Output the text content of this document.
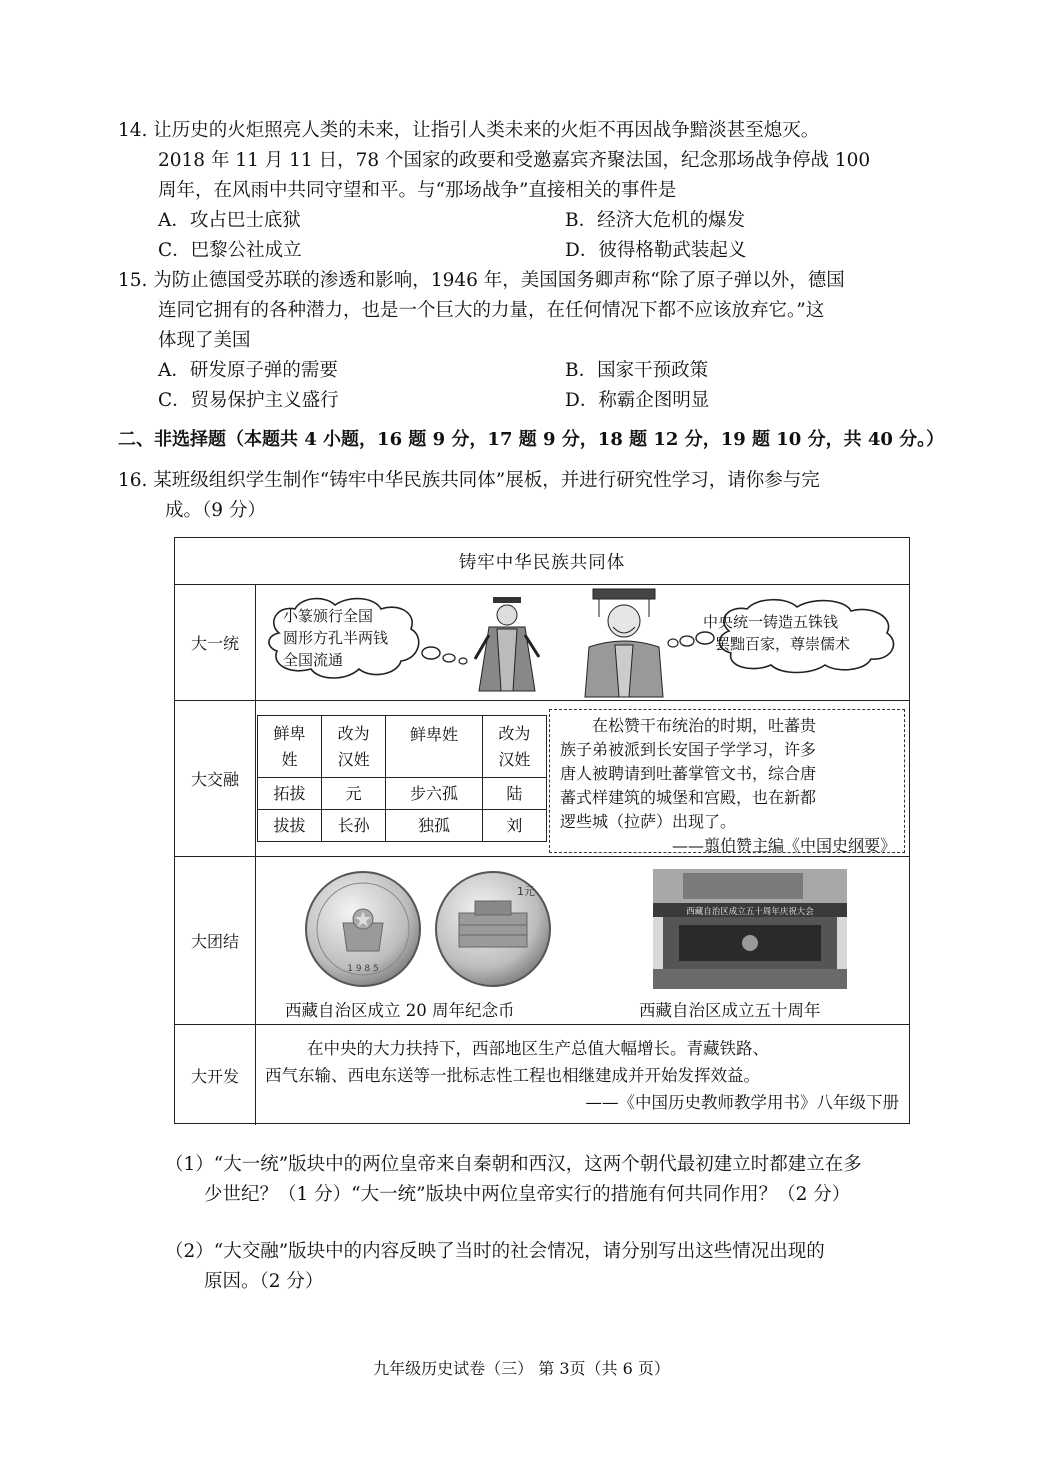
14. 让历史的火炬照亮人类的未来，让指引人类未来的火炬不再因战争黯淡甚至熄灭。
2018 年 11 月 11 日，78 个国家的政要和受邀嘉宾齐聚法国，纪念那场战争停战 100
周年，在风雨中共同守望和平。与“那场战争”直接相关的事件是
A．攻占巴士底狱	B．经济大危机的爆发
C．巴黎公社成立	D．彼得格勒武装起义
15. 为防止德国受苏联的渗透和影响，1946 年，美国国务卿声称“除了原子弹以外，德国
连同它拥有的各种潜力，也是一个巨大的力量，在任何情况下都不应该放弃它。”这
体现了美国
A．研发原子弹的需要	B．国家干预政策
C．贸易保护主义盛行	D．称霸企图明显
二、非选择题（本题共 4 小题，16 题 9 分，17 题 9 分，18 题 12 分，19 题 10 分，共 40 分。）
16. 某班级组织学生制作“铸牢中华民族共同体”展板，并进行研究性学习，请你参与完
成。（9 分）
铸牢中华民族共同体
大一统
小篆颁行全国
圆形方孔半两钱
全国流通
中央统一铸造五铢钱
罢黜百家，尊崇儒术
大交融
鲜卑姓	改为汉姓	鲜卑姓	改为汉姓

拓拔	元	步六孤	陆
拔拔	长孙	独孤	刘
在松赞干布统治的时期，吐蕃贵
族子弟被派到长安国子学学习，许多
唐人被聘请到吐蕃掌管文书，综合唐
蕃式样建筑的城堡和宫殿，也在新都
逻些城（拉萨）出现了。
——翦伯赞主编《中国史纲要》
大团结
1 9 8 5
1元
西藏自治区成立五十周年庆祝大会
西藏自治区成立 20 周年纪念币	西藏自治区成立五十周年
大开发
在中央的大力扶持下，西部地区生产总值大幅增长。青藏铁路、
西气东输、西电东送等一批标志性工程也相继建成并开始发挥效益。
——《中国历史教师教学用书》八年级下册
（1）“大一统”版块中的两位皇帝来自秦朝和西汉，这两个朝代最初建立时都建立在多
少世纪？（1 分）“大一统”版块中两位皇帝实行的措施有何共同作用？（2 分）
（2）“大交融”版块中的内容反映了当时的社会情况，请分别写出这些情况出现的
原因。（2 分）
九年级历史试卷（三） 第 3页（共 6 页）
